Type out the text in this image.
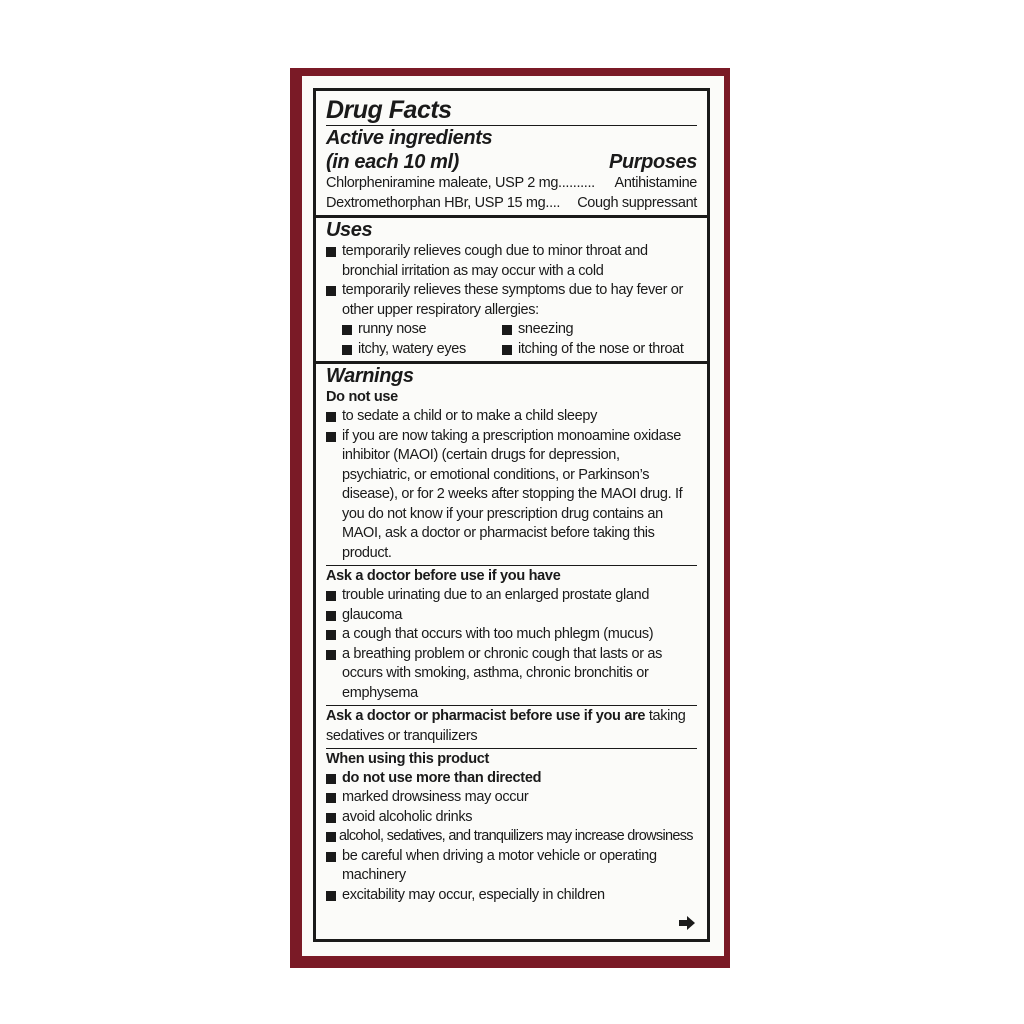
Drug Facts
Active ingredients
(in each 10 ml)	Purposes
Chlorpheniramine maleate, USP 2 mg ..........	Antihistamine
Dextromethorphan HBr, USP 15 mg ....	Cough suppressant
Uses
temporarily relieves cough due to minor throat and
bronchial irritation as may occur with a cold
temporarily relieves these symptoms due to hay fever or
other upper respiratory allergies:
runny nose	sneezing
itchy, watery eyes	itching of the nose or throat
Warnings
Do not use
to sedate a child or to make a child sleepy
if you are now taking a prescription monoamine oxidase
inhibitor (MAOI) (certain drugs for depression,
psychiatric, or emotional conditions, or Parkinson’s
disease), or for 2 weeks after stopping the MAOI drug. If
you do not know if your prescription drug contains an
MAOI, ask a doctor or pharmacist before taking this
product.
Ask a doctor before use if you have
trouble urinating due to an enlarged prostate gland
glaucoma
a cough that occurs with too much phlegm (mucus)
a breathing problem or chronic cough that lasts or as
occurs with smoking, asthma, chronic bronchitis or
emphysema
Ask a doctor or pharmacist before use if you are taking
sedatives or tranquilizers
When using this product
do not use more than directed
marked drowsiness may occur
avoid alcoholic drinks
alcohol, sedatives, and tranquilizers may increase drowsiness
be careful when driving a motor vehicle or operating
machinery
excitability may occur, especially in children
